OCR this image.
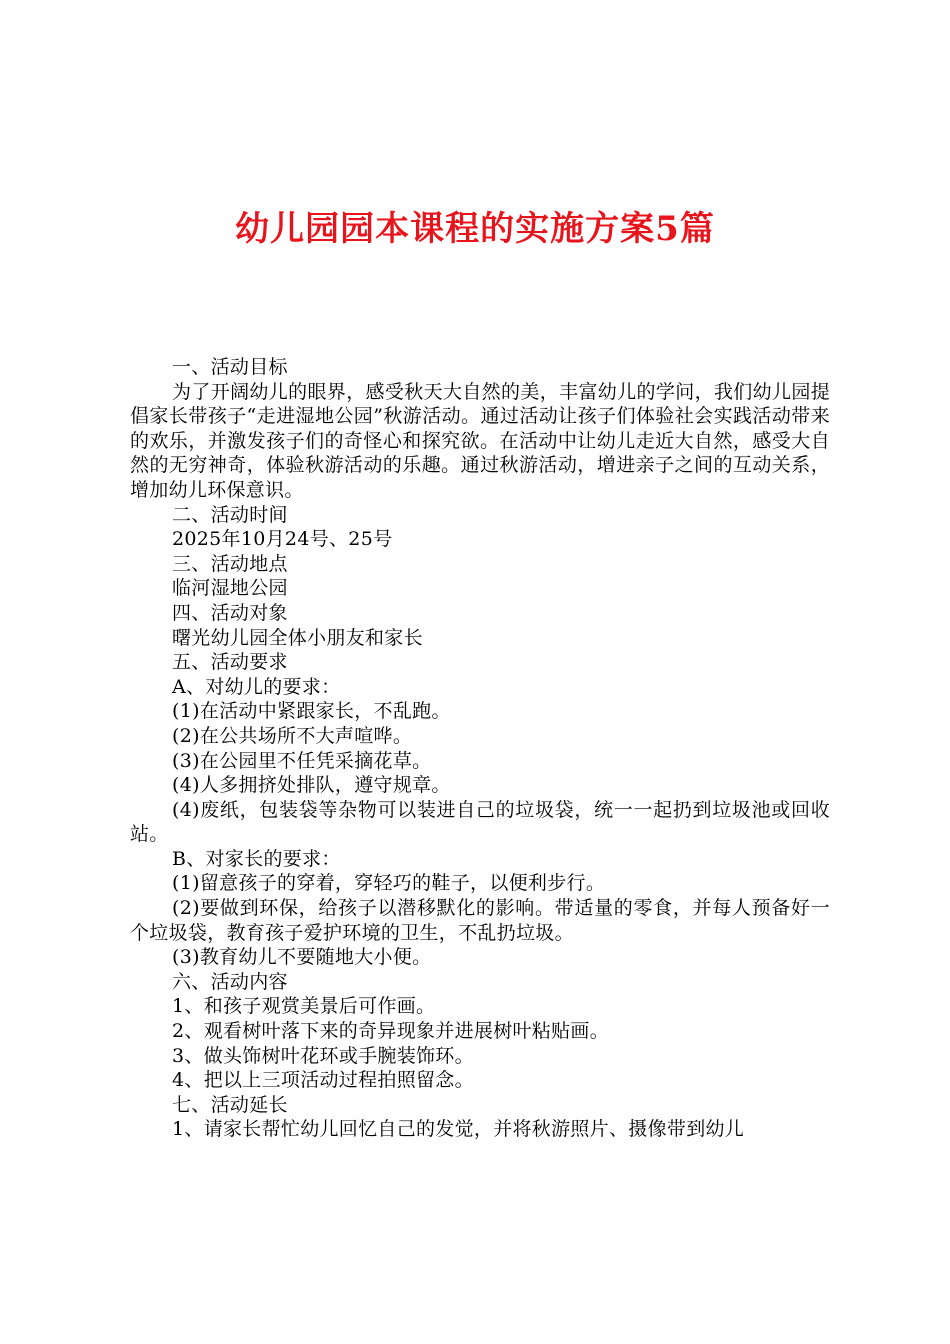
幼儿园园本课程的实施方案5篇

一、活动目标

为了开阔幼儿的眼界，感受秋天大自然的美，丰富幼儿的学问，我们幼儿园提倡家长带孩子“走进湿地公园”秋游活动。通过活动让孩子们体验社会实践活动带来的欢乐，并激发孩子们的奇怪心和探究欲。在活动中让幼儿走近大自然，感受大自然的无穷神奇，体验秋游活动的乐趣。通过秋游活动，增进亲子之间的互动关系，增加幼儿环保意识。

二、活动时间

2025年10月24号、25号

三、活动地点

临河湿地公园

四、活动对象

曙光幼儿园全体小朋友和家长

五、活动要求

A、对幼儿的要求：

(1)在活动中紧跟家长，不乱跑。

(2)在公共场所不大声喧哗。

(3)在公园里不任凭采摘花草。

(4)人多拥挤处排队，遵守规章。

(4)废纸，包装袋等杂物可以装进自己的垃圾袋，统一一起扔到垃圾池或回收站。

B、对家长的要求：

(1)留意孩子的穿着，穿轻巧的鞋子，以便利步行。

(2)要做到环保，给孩子以潜移默化的影响。带适量的零食，并每人预备好一个垃圾袋，教育孩子爱护环境的卫生，不乱扔垃圾。

(3)教育幼儿不要随地大小便。

六、活动内容

1、和孩子观赏美景后可作画。

2、观看树叶落下来的奇异现象并进展树叶粘贴画。

3、做头饰树叶花环或手腕装饰环。

4、把以上三项活动过程拍照留念。

七、活动延长

1、请家长帮忙幼儿回忆自己的发觉，并将秋游照片、摄像带到幼儿
